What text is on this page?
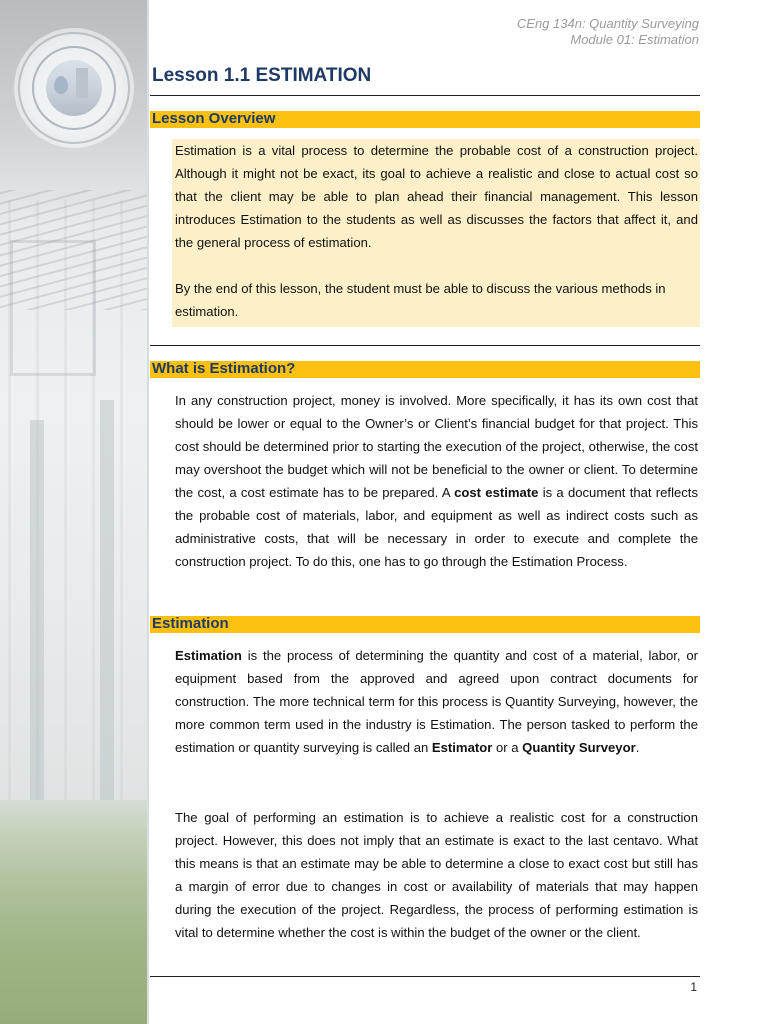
CEng 134n: Quantity Surveying
Module 01: Estimation
Lesson 1.1 ESTIMATION
Lesson Overview
Estimation is a vital process to determine the probable cost of a construction project. Although it might not be exact, its goal to achieve a realistic and close to actual cost so that the client may be able to plan ahead their financial management. This lesson introduces Estimation to the students as well as discusses the factors that affect it, and the general process of estimation.
By the end of this lesson, the student must be able to discuss the various methods in estimation.
What is Estimation?
In any construction project, money is involved. More specifically, it has its own cost that should be lower or equal to the Owner’s or Client’s financial budget for that project. This cost should be determined prior to starting the execution of the project, otherwise, the cost may overshoot the budget which will not be beneficial to the owner or client. To determine the cost, a cost estimate has to be prepared. A cost estimate is a document that reflects the probable cost of materials, labor, and equipment as well as indirect costs such as administrative costs, that will be necessary in order to execute and complete the construction project. To do this, one has to go through the Estimation Process.
Estimation
Estimation is the process of determining the quantity and cost of a material, labor, or equipment based from the approved and agreed upon contract documents for construction. The more technical term for this process is Quantity Surveying, however, the more common term used in the industry is Estimation. The person tasked to perform the estimation or quantity surveying is called an Estimator or a Quantity Surveyor.
The goal of performing an estimation is to achieve a realistic cost for a construction project. However, this does not imply that an estimate is exact to the last centavo. What this means is that an estimate may be able to determine a close to exact cost but still has a margin of error due to changes in cost or availability of materials that may happen during the execution of the project. Regardless, the process of performing estimation is vital to determine whether the cost is within the budget of the owner or the client.
1
